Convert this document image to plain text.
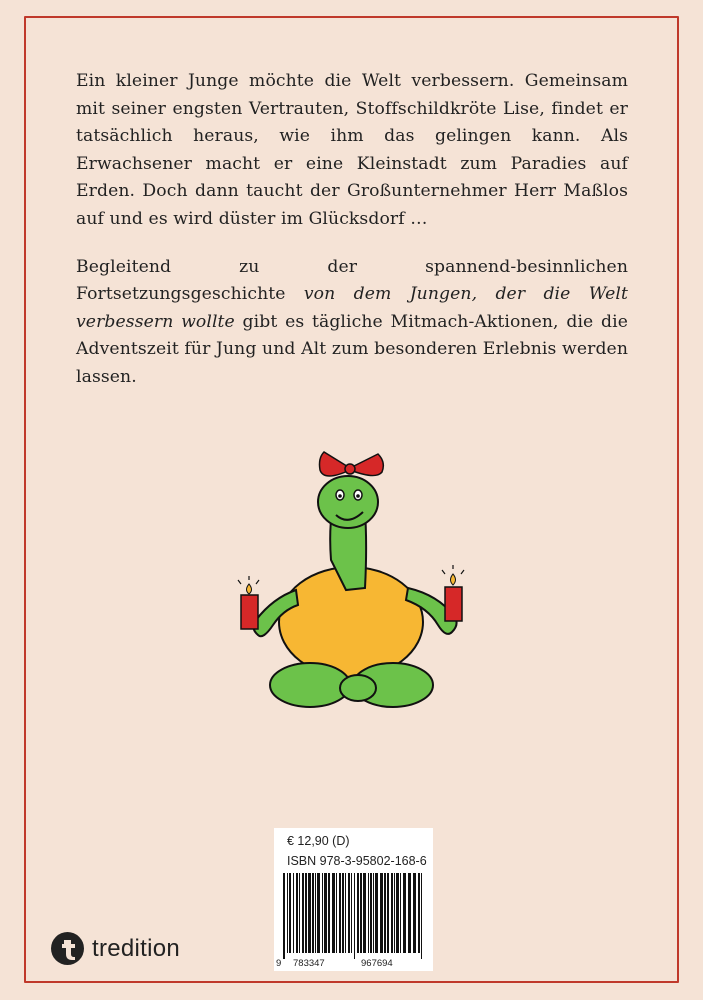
Ein kleiner Junge möchte die Welt verbessern. Gemeinsam mit seiner engsten Vertrauten, Stoffschildkröte Lise, findet er tatsächlich heraus, wie ihm das gelingen kann. Als Erwachsener macht er eine Kleinstadt zum Paradies auf Erden. Doch dann taucht der Großunternehmer Herr Maßlos auf und es wird düster im Glücksdorf …

Begleitend zu der spannend-besinnlichen Fortsetzungsgeschichte von dem Jungen, der die Welt verbessern wollte gibt es tägliche Mitmach-Aktionen, die die Adventszeit für Jung und Alt zum besonderen Erlebnis werden lassen.

€ 12,90 (D)
ISBN 978-3-95802-168-6
9 783347	967694
tredition
